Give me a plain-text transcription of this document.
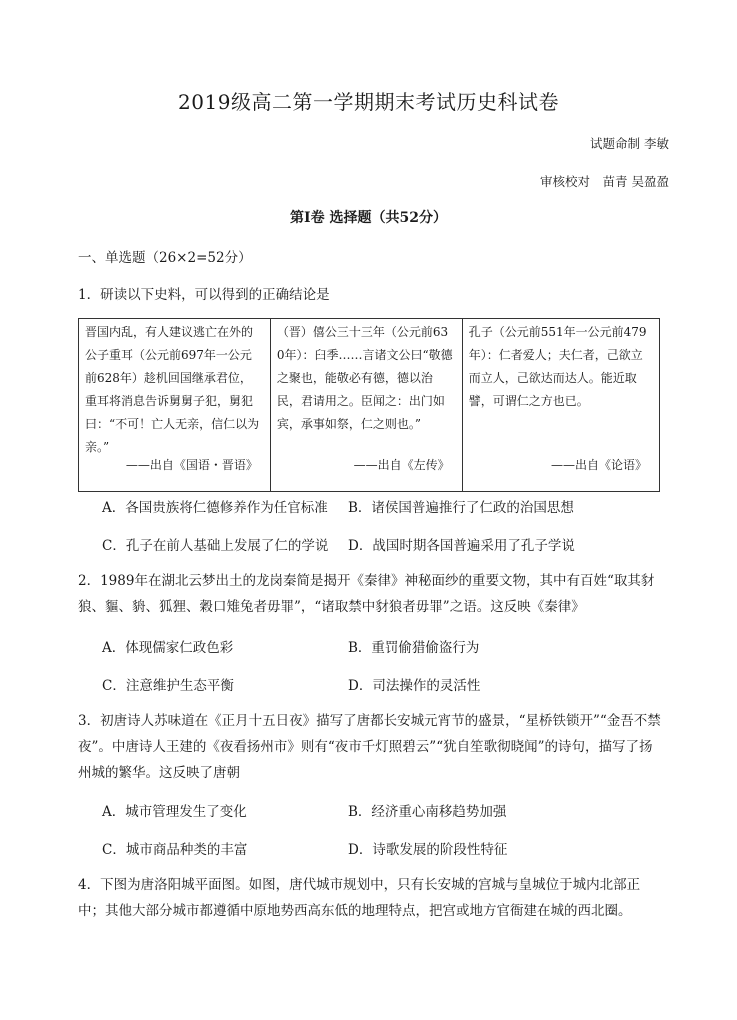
2019级高二第一学期期末考试历史科试卷
试题命制 李敏
审核校对　苗青 吴盈盈
第Ⅰ卷 选择题（共52分）
一、单选题（26×2=52分）
1．研读以下史料，可以得到的正确结论是
晋国内乱，有人建议逃亡在外的公子重耳（公元前697年一公元前628年）趁机回国继承君位，重耳将消息告诉舅舅子犯，舅犯曰：“不可！亡人无亲，信仁以为亲。”
——出自《国语・晋语》

（晋）僖公三十三年（公元前630年）：臼季……言诸文公曰“敬德之聚也，能敬必有德，德以治民，君请用之。臣闻之：出门如宾，承事如祭，仁之则也。”
——出自《左传》

孔子（公元前551年一公元前479年）：仁者爱人；夫仁者，己欲立而立人，己欲达而达人。能近取譬，可谓仁之方也已。
——出自《论语》
A．各国贵族将仁德修养作为任官标准 B．诸侯国普遍推行了仁政的治国思想
C．孔子在前人基础上发展了仁的学说 D．战国时期各国普遍采用了孔子学说
2．1989年在湖北云梦出土的龙岗秦简是揭开《秦律》神秘面纱的重要文物，其中有百姓“取其豺狼、貙、貈、狐狸、穀口雉兔者毋罪”，“诸取禁中豺狼者毋罪”之语。这反映《秦律》
A．体现儒家仁政色彩	B．重罚偷猎偷盗行为
C．注意维护生态平衡	D．司法操作的灵活性
3．初唐诗人苏味道在《正月十五日夜》描写了唐都长安城元宵节的盛景，“星桥铁锁开”“金吾不禁夜”。中唐诗人王建的《夜看扬州市》则有“夜市千灯照碧云”“犹自笙歌彻晓闻”的诗句，描写了扬州城的繁华。这反映了唐朝
A．城市管理发生了变化	B．经济重心南移趋势加强
C．城市商品种类的丰富	D．诗歌发展的阶段性特征
4．下图为唐洛阳城平面图。如图，唐代城市规划中，只有长安城的宫城与皇城位于城内北部正中；其他大部分城市都遵循中原地势西高东低的地理特点，把宫或地方官衙建在城的西北圈。
